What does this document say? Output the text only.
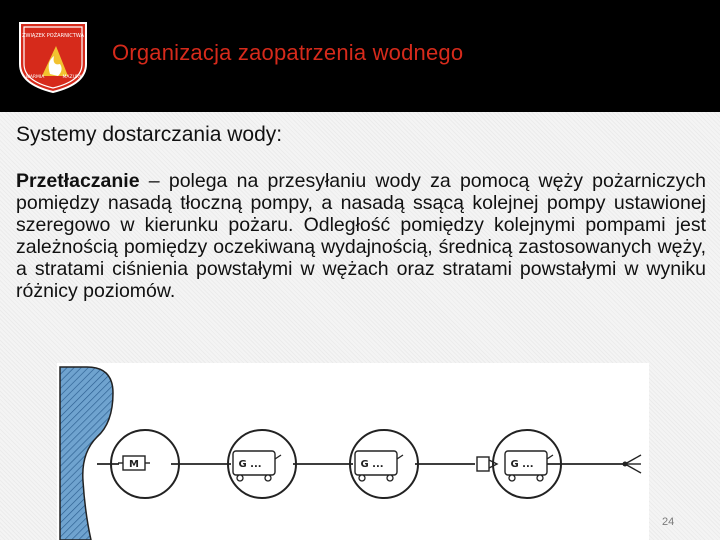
ZWIĄZEK POŻARNICTWA
WARMIA	MAZURY
Organizacja zaopatrzenia wodnego
Systemy dostarczania wody:
Przetłaczanie – polega na przesyłaniu wody za pomocą węży pożarniczych pomiędzy nasadą tłoczną pompy, a nasadą ssącą kolejnej pompy ustawionej szeregowo w kierunku pożaru. Odległość pomiędzy kolejnymi pompami jest zależnością pomiędzy oczekiwaną wydajnością, średnicą zastosowanych węży, a stratami ciśnienia powstałymi w wężach oraz stratami powstałymi w wyniku różnicy poziomów.
M	G ...	G ...	G ...
24
